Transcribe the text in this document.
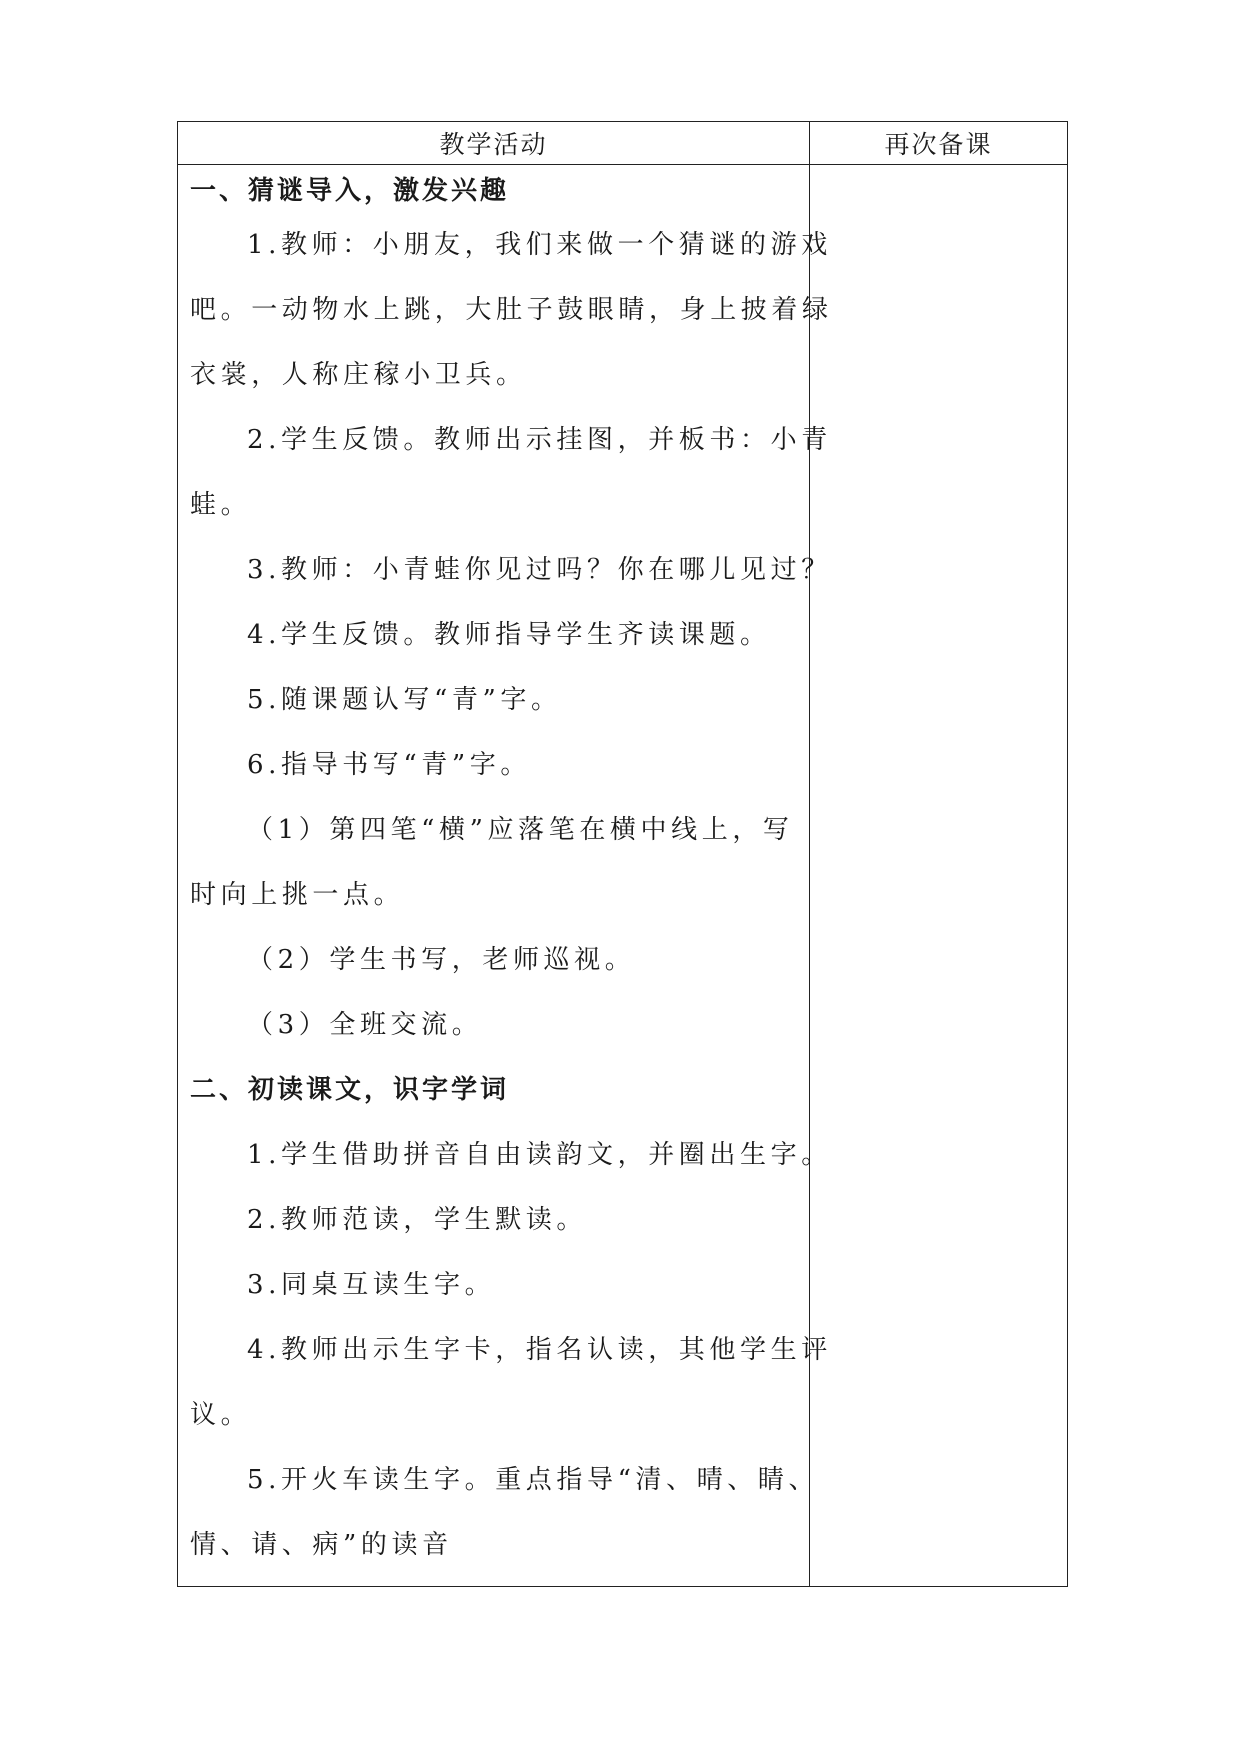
教学活动	再次备课

一、猜谜导入，激发兴趣

1.教师：小朋友，我们来做一个猜谜的游戏

吧。一动物水上跳，大肚子鼓眼睛，身上披着绿

衣裳，人称庄稼小卫兵。

2.学生反馈。教师出示挂图，并板书：小青

蛙。

3.教师：小青蛙你见过吗？你在哪儿见过？

4.学生反馈。教师指导学生齐读课题。

5.随课题认写“青”字。

6.指导书写“青”字。

（1）第四笔“横”应落笔在横中线上，写

时向上挑一点。

（2）学生书写，老师巡视。

（3）全班交流。

二、初读课文，识字学词

1.学生借助拼音自由读韵文，并圈出生字。

2.教师范读，学生默读。

3.同桌互读生字。

4.教师出示生字卡，指名认读，其他学生评

议。

5.开火车读生字。重点指导“清、晴、睛、

情、请、病”的读音
